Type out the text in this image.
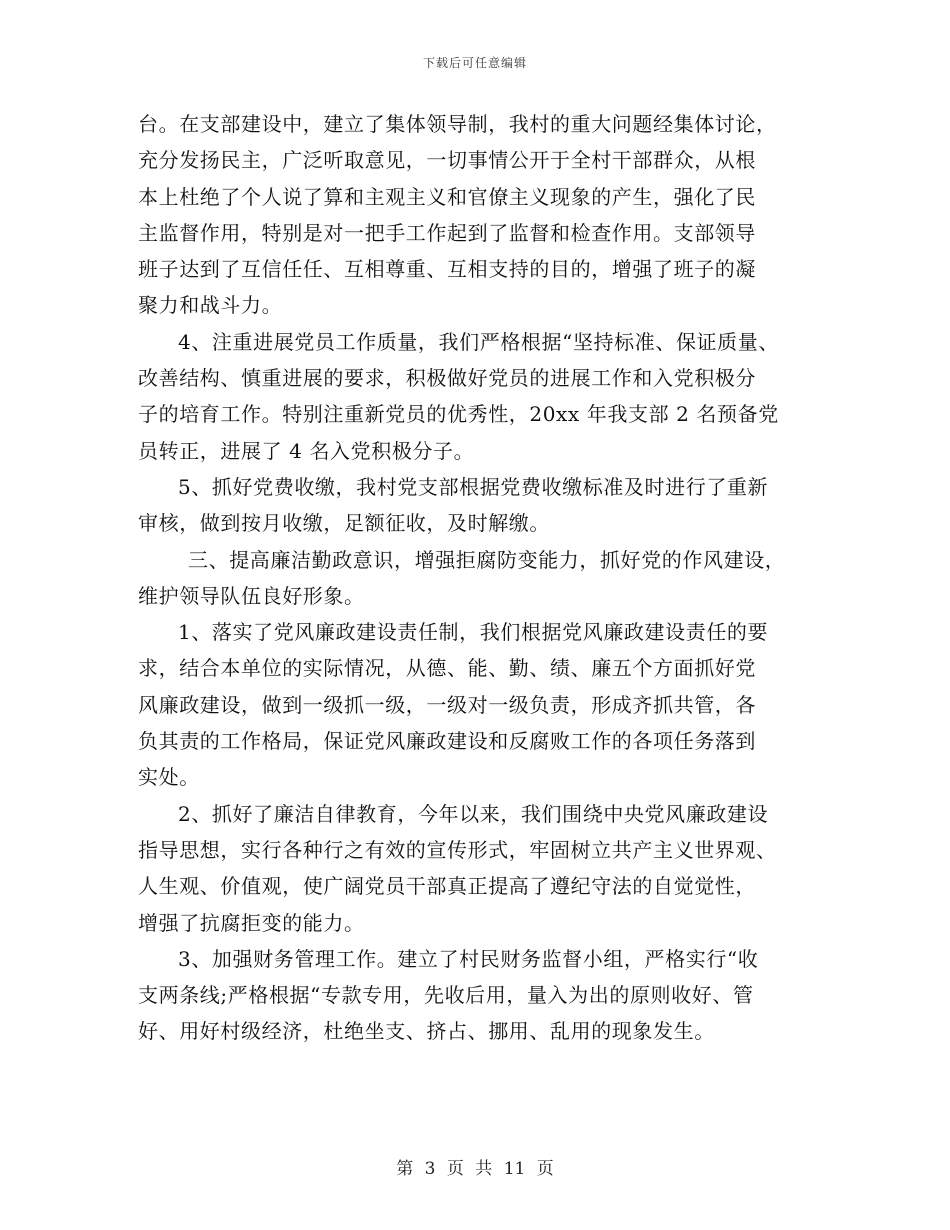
下载后可任意编辑
台。在支部建设中，建立了集体领导制，我村的重大问题经集体讨论，
充分发扬民主，广泛听取意见，一切事情公开于全村干部群众，从根
本上杜绝了个人说了算和主观主义和官僚主义现象的产生，强化了民
主监督作用，特别是对一把手工作起到了监督和检查作用。支部领导
班子达到了互信任任、互相尊重、互相支持的目的，增强了班子的凝
聚力和战斗力。
4、注重进展党员工作质量，我们严格根据“坚持标准、保证质量、
改善结构、慎重进展的要求，积极做好党员的进展工作和入党积极分
子的培育工作。特别注重新党员的优秀性，20xx 年我支部 2 名预备党
员转正，进展了 4 名入党积极分子。
5、抓好党费收缴，我村党支部根据党费收缴标准及时进行了重新
审核，做到按月收缴，足额征收，及时解缴。
三、提高廉洁勤政意识，增强拒腐防变能力，抓好党的作风建设，
维护领导队伍良好形象。
1、落实了党风廉政建设责任制，我们根据党风廉政建设责任的要
求，结合本单位的实际情况，从德、能、勤、绩、廉五个方面抓好党
风廉政建设，做到一级抓一级，一级对一级负责，形成齐抓共管，各
负其责的工作格局，保证党风廉政建设和反腐败工作的各项任务落到
实处。
2、抓好了廉洁自律教育，今年以来，我们围绕中央党风廉政建设
指导思想，实行各种行之有效的宣传形式，牢固树立共产主义世界观、
人生观、价值观，使广阔党员干部真正提高了遵纪守法的自觉觉性，
增强了抗腐拒变的能力。
3、加强财务管理工作。建立了村民财务监督小组，严格实行“收
支两条线;严格根据“专款专用，先收后用，量入为出的原则收好、管
好、用好村级经济，杜绝坐支、挤占、挪用、乱用的现象发生。
第 3 页 共 11 页
